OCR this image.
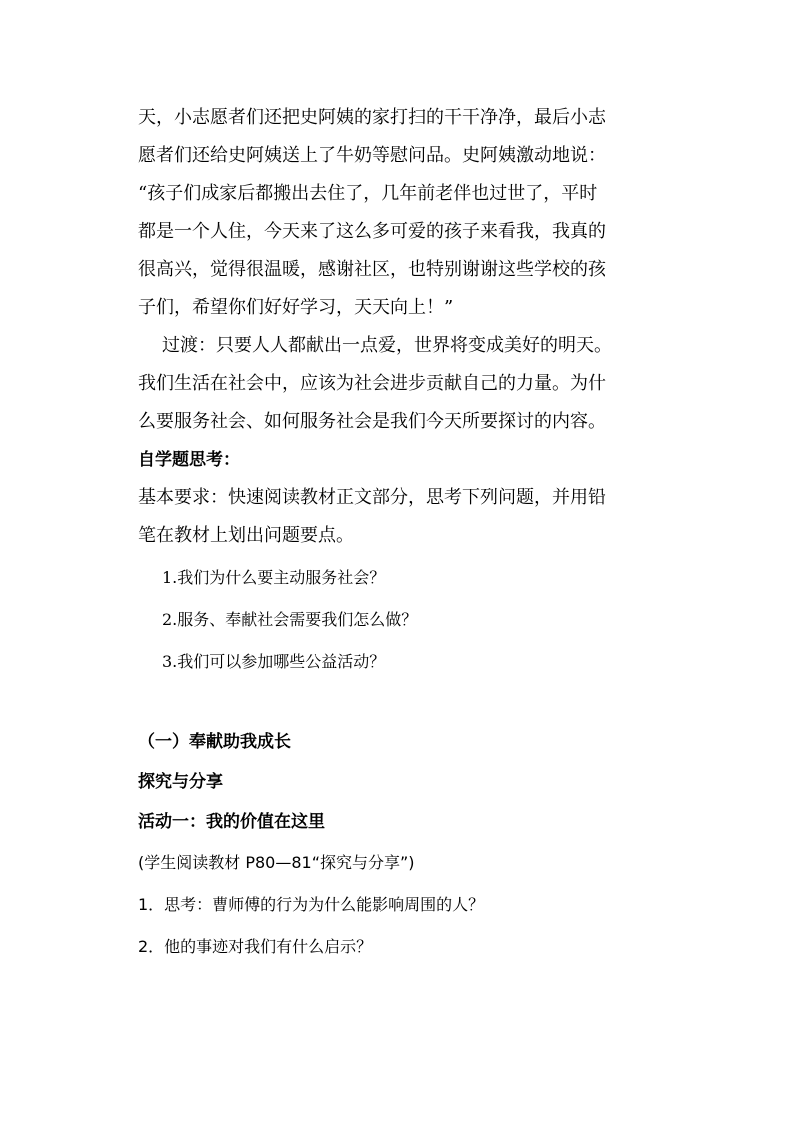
天，小志愿者们还把史阿姨的家打扫的干干净净，最后小志
愿者们还给史阿姨送上了牛奶等慰问品。史阿姨激动地说：
“孩子们成家后都搬出去住了，几年前老伴也过世了，平时
都是一个人住，今天来了这么多可爱的孩子来看我，我真的
很高兴，觉得很温暖，感谢社区，也特别谢谢这些学校的孩
子们，希望你们好好学习，天天向上！”
过渡：只要人人都献出一点爱，世界将变成美好的明天。
我们生活在社会中，应该为社会进步贡献自己的力量。为什
么要服务社会、如何服务社会是我们今天所要探讨的内容。
自学题思考：
基本要求：快速阅读教材正文部分，思考下列问题，并用铅
笔在教材上划出问题要点。
1.我们为什么要主动服务社会？
2.服务、奉献社会需要我们怎么做？
3.我们可以参加哪些公益活动？
（一）奉献助我成长
探究与分享
活动一：我的价值在这里
(学生阅读教材 P80—81“探究与分享”)
1．思考：曹师傅的行为为什么能影响周围的人？
2．他的事迹对我们有什么启示？
